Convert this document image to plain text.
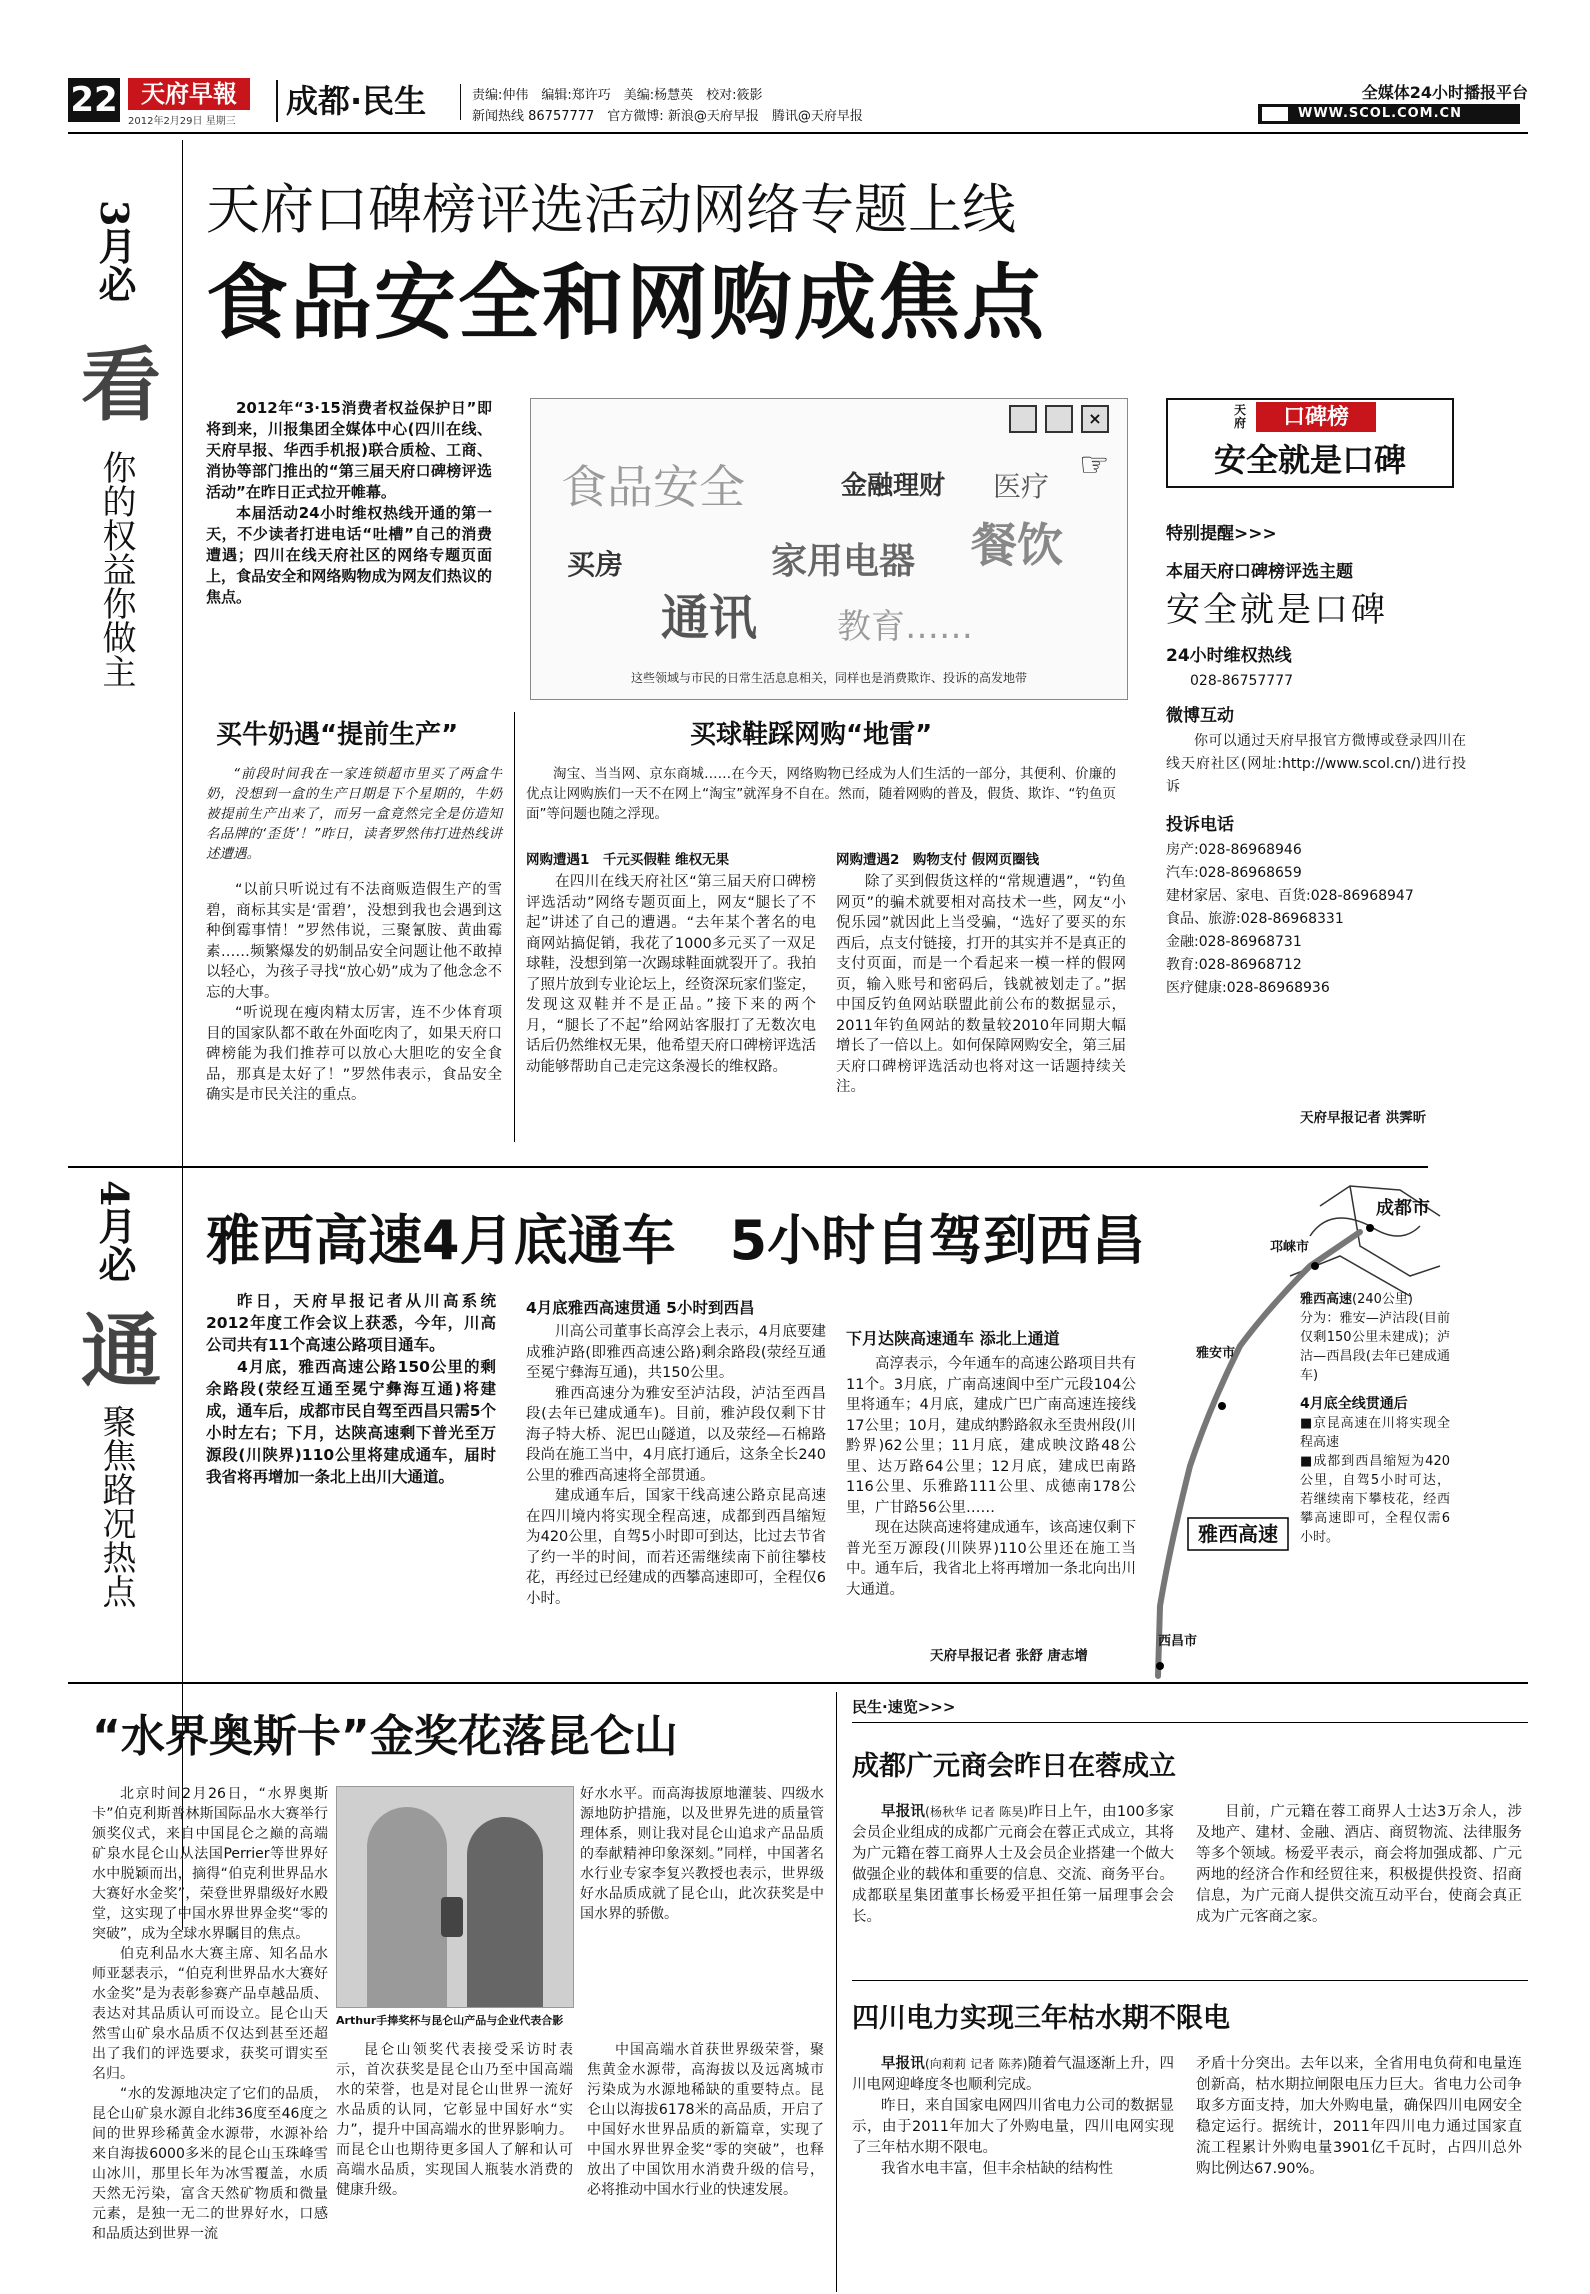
22 天府早報
2012年2月29日 星期三
成都·民生	责编:仲伟　编辑:郑许巧　美编:杨慧英　校对:筱影
新闻热线 86757777　官方微博: 新浪@天府早报　腾讯@天府早报
全媒体24小时播报平台
WWW.SCOL.COM.CN
3月必
看
你的权益你做主
天府口碑榜评选活动网络专题上线
食品安全和网购成焦点

2012年“3·15消费者权益保护日”即将到来，川报集团全媒体中心(四川在线、天府早报、华西手机报)联合质检、工商、消协等部门推出的“第三届天府口碑榜评选活动”在昨日正式拉开帷幕。

本届活动24小时维权热线开通的第一天，不少读者打进电话“吐槽”自己的消费遭遇；四川在线天府社区的网络专题页面上，食品安全和网络购物成为网友们热议的焦点。

×
☞
食品安全	金融理财 医疗
买房	家用电器 餐饮
通讯 教育……
这些领域与市民的日常生活息息相关，同样也是消费欺诈、投诉的高发地带
买牛奶遇“提前生产”
“前段时间我在一家连锁超市里买了两盒牛奶，没想到一盒的生产日期是下个星期的，牛奶被提前生产出来了，而另一盒竟然完全是仿造知名品牌的‘歪货’！”昨日，读者罗然伟打进热线讲述遭遇。

“以前只听说过有不法商贩造假生产的雪碧，商标其实是‘雷碧’，没想到我也会遇到这种倒霉事情！”罗然伟说，三聚氰胺、黄曲霉素……频繁爆发的奶制品安全问题让他不敢掉以轻心，为孩子寻找“放心奶”成为了他念念不忘的大事。

“听说现在瘦肉精太厉害，连不少体育项目的国家队都不敢在外面吃肉了，如果天府口碑榜能为我们推荐可以放心大胆吃的安全食品，那真是太好了！”罗然伟表示，食品安全确实是市民关注的重点。

买球鞋踩网购“地雷”
淘宝、当当网、京东商城……在今天，网络购物已经成为人们生活的一部分，其便利、价廉的优点让网购族们一天不在网上“淘宝”就浑身不自在。然而，随着网购的普及，假货、欺诈、“钓鱼页面”等问题也随之浮现。
网购遭遇1　 千元买假鞋 维权无果
在四川在线天府社区“第三届天府口碑榜评选活动”网络专题页面上，网友“腿长了不起”讲述了自己的遭遇。“去年某个著名的电商网站搞促销，我花了1000多元买了一双足球鞋，没想到第一次踢球鞋面就裂开了。我拍了照片放到专业论坛上，经资深玩家们鉴定，发现这双鞋并不是正品。”接下来的两个月，“腿长了不起”给网站客服打了无数次电话后仍然维权无果，他希望天府口碑榜评选活动能够帮助自己走完这条漫长的维权路。
网购遭遇2　 购物支付 假网页圈钱
除了买到假货这样的“常规遭遇”，“钓鱼网页”的骗术就要相对高技术一些，网友“小倪乐园”就因此上当受骗，“选好了要买的东西后，点支付链接，打开的其实并不是真正的支付页面，而是一个看起来一模一样的假网页，输入账号和密码后，钱就被划走了。”据中国反钓鱼网站联盟此前公布的数据显示，2011年钓鱼网站的数量较2010年同期大幅增长了一倍以上。如何保障网购安全，第三届天府口碑榜评选活动也将对这一话题持续关注。
天府	口碑榜
安全就是口碑
特别提醒>>>
本届天府口碑榜评选主题
安全就是口碑
24小时维权热线
028-86757777
微博互动
你可以通过天府早报官方微博或登录四川在线天府社区(网址:http://www.scol.cn/)进行投诉
投诉电话
房产:028-86968946
汽车:028-86968659
建材家居、家电、百货:028-86968947
食品、旅游:028-86968331
金融:028-86968731
教育:028-86968712
医疗健康:028-86968936
天府早报记者 洪霁昕
4月必
通
聚焦路况热点
雅西高速4月底通车　5小时自驾到西昌

昨日，天府早报记者从川高系统2012年度工作会议上获悉，今年，川高公司共有11个高速公路项目通车。

4月底，雅西高速公路150公里的剩余路段(荥经互通至冕宁彝海互通)将建成，通车后，成都市民自驾至西昌只需5个小时左右；下月，达陕高速剩下普光至万源段(川陕界)110公里将建成通车，届时我省将再增加一条北上出川大通道。

4月底雅西高速贯通 5小时到西昌

川高公司董事长高淳会上表示，4月底要建成雅泸路(即雅西高速公路)剩余路段(荥经互通至冕宁彝海互通)，共150公里。

雅西高速分为雅安至泸沽段，泸沽至西昌段(去年已建成通车)。目前，雅泸段仅剩下甘海子特大桥、泥巴山隧道，以及荥经—石棉路段尚在施工当中，4月底打通后，这条全长240公里的雅西高速将全部贯通。

建成通车后，国家干线高速公路京昆高速在四川境内将实现全程高速，成都到西昌缩短为420公里，自驾5小时即可到达，比过去节省了约一半的时间，而若还需继续南下前往攀枝花，再经过已经建成的西攀高速即可，全程仅6小时。

下月达陕高速通车 添北上通道

高淳表示，今年通车的高速公路项目共有11个。3月底，广南高速阆中至广元段104公里将通车；4月底，建成广巴广南高速连接线17公里；10月，建成纳黔路叙永至贵州段(川黔界)62公里；11月底，建成映汶路48公里、达万路64公里；12月底，建成巴南路116公里、乐雅路111公里、成德南178公里，广甘路56公里……

现在达陕高速将建成通车，该高速仅剩下普光至万源段(川陕界)110公里还在施工当中。通车后，我省北上将再增加一条北向出川大通道。

天府早报记者 张舒 唐志增
成都市
邛崃市
雅安市
西昌市
雅西高速
雅西高速(240公里)
分为：雅安—泸沽段(目前仅剩150公里未建成)；泸沽—西昌段(去年已建成通车)
4月底全线贯通后
■京昆高速在川将实现全程高速
■成都到西昌缩短为420公里，自驾5小时可达，若继续南下攀枝花，经西攀高速即可，全程仅需6小时。
“水界奥斯卡”金奖花落昆仑山

北京时间2月26日，“水界奥斯卡”伯克利斯普林斯国际品水大赛举行颁奖仪式，来自中国昆仑之巅的高端矿泉水昆仑山从法国Perrier等世界好水中脱颖而出，摘得“伯克利世界品水大赛好水金奖”，荣登世界鼎级好水殿堂，这实现了中国水界世界金奖“零的突破”，成为全球水界瞩目的焦点。

伯克利品水大赛主席、知名品水师亚瑟表示，“伯克利世界品水大赛好水金奖”是为表彰参赛产品卓越品质、表达对其品质认可而设立。昆仑山天然雪山矿泉水品质不仅达到甚至还超出了我们的评选要求，获奖可谓实至名归。

“水的发源地决定了它们的品质，昆仑山矿泉水源自北纬36度至46度之间的世界珍稀黄金水源带，水源补给来自海拔6000多米的昆仑山玉珠峰雪山冰川，那里长年为冰雪覆盖，水质天然无污染，富含天然矿物质和微量元素，是独一无二的世界好水，口感和品质达到世界一流

Arthur手捧奖杯与昆仑山产品与企业代表合影

好水水平。而高海拔原地灌装、四级水源地防护措施，以及世界先进的质量管理体系，则让我对昆仑山追求产品品质的奉献精神印象深刻。”同样，中国著名水行业专家李复兴教授也表示，世界级好水品质成就了昆仑山，此次获奖是中国水界的骄傲。

昆仑山领奖代表接受采访时表示，首次获奖是昆仑山乃至中国高端水的荣誉，也是对昆仑山世界一流好水品质的认同，它彰显中国好水“实力”，提升中国高端水的世界影响力。而昆仑山也期待更多国人了解和认可高端水品质，实现国人瓶装水消费的健康升级。

中国高端水首获世界级荣誉，聚焦黄金水源带，高海拔以及远离城市污染成为水源地稀缺的重要特点。昆仑山以海拔6178米的高品质，开启了中国好水世界品质的新篇章，实现了中国水界世界金奖“零的突破”，也释放出了中国饮用水消费升级的信号，必将推动中国水行业的快速发展。

民生·速览>>>
成都广元商会昨日在蓉成立
早报讯(杨秋华 记者 陈昊)昨日上午，由100多家会员企业组成的成都广元商会在蓉正式成立，其将为广元籍在蓉工商界人士及会员企业搭建一个做大做强企业的载体和重要的信息、交流、商务平台。成都联星集团董事长杨爱平担任第一届理事会会长。
目前，广元籍在蓉工商界人士达3万余人，涉及地产、建材、金融、酒店、商贸物流、法律服务等多个领域。杨爱平表示，商会将加强成都、广元两地的经济合作和经贸往来，积极提供投资、招商信息，为广元商人提供交流互动平台，使商会真正成为广元客商之家。
四川电力实现三年枯水期不限电

早报讯(向莉莉 记者 陈荞)随着气温逐渐上升，四川电网迎峰度冬也顺利完成。

昨日，来自国家电网四川省电力公司的数据显示，由于2011年加大了外购电量，四川电网实现了三年枯水期不限电。

我省水电丰富，但丰余枯缺的结构性

矛盾十分突出。去年以来，全省用电负荷和电量连创新高，枯水期拉闸限电压力巨大。省电力公司争取多方面支持，加大外购电量，确保四川电网安全稳定运行。据统计，2011年四川电力通过国家直流工程累计外购电量3901亿千瓦时，占四川总外购比例达67.90%。
